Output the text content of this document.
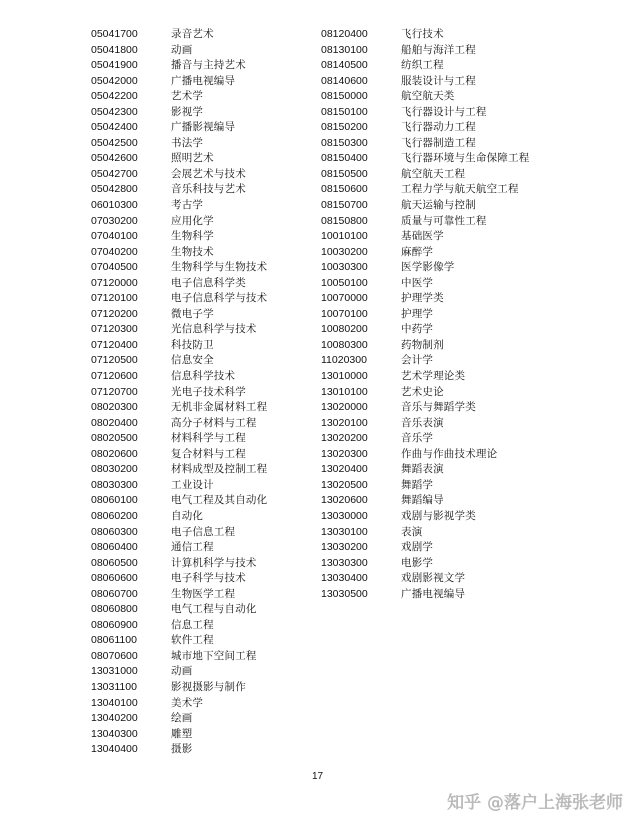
05041700	录音艺术
05041800	动画
05041900	播音与主持艺术
05042000	广播电视编导
05042200	艺术学
05042300	影视学
05042400	广播影视编导
05042500	书法学
05042600	照明艺术
05042700	会展艺术与技术
05042800	音乐科技与艺术
06010300	考古学
07030200	应用化学
07040100	生物科学
07040200	生物技术
07040500	生物科学与生物技术
07120000	电子信息科学类
07120100	电子信息科学与技术
07120200	微电子学
07120300	光信息科学与技术
07120400	科技防卫
07120500	信息安全
07120600	信息科学技术
07120700	光电子技术科学
08020300	无机非金属材料工程
08020400	高分子材料与工程
08020500	材料科学与工程
08020600	复合材料与工程
08030200	材料成型及控制工程
08030300	工业设计
08060100	电气工程及其自动化
08060200	自动化
08060300	电子信息工程
08060400	通信工程
08060500	计算机科学与技术
08060600	电子科学与技术
08060700	生物医学工程
08060800	电气工程与自动化
08060900	信息工程
08061100	软件工程
08070600	城市地下空间工程
13031000	动画
13031100	影视摄影与制作
13040100	美术学
13040200	绘画
13040300	雕塑
13040400	摄影
08120400	飞行技术
08130100	船舶与海洋工程
08140500	纺织工程
08140600	服装设计与工程
08150000	航空航天类
08150100	飞行器设计与工程
08150200	飞行器动力工程
08150300	飞行器制造工程
08150400	飞行器环境与生命保障工程
08150500	航空航天工程
08150600	工程力学与航天航空工程
08150700	航天运输与控制
08150800	质量与可靠性工程
10010100	基础医学
10030200	麻醉学
10030300	医学影像学
10050100	中医学
10070000	护理学类
10070100	护理学
10080200	中药学
10080300	药物制剂
11020300	会计学
13010000	艺术学理论类
13010100	艺术史论
13020000	音乐与舞蹈学类
13020100	音乐表演
13020200	音乐学
13020300	作曲与作曲技术理论
13020400	舞蹈表演
13020500	舞蹈学
13020600	舞蹈编导
13030000	戏剧与影视学类
13030100	表演
13030200	戏剧学
13030300	电影学
13030400	戏剧影视文学
13030500	广播电视编导
17
知乎 @落户上海张老师
